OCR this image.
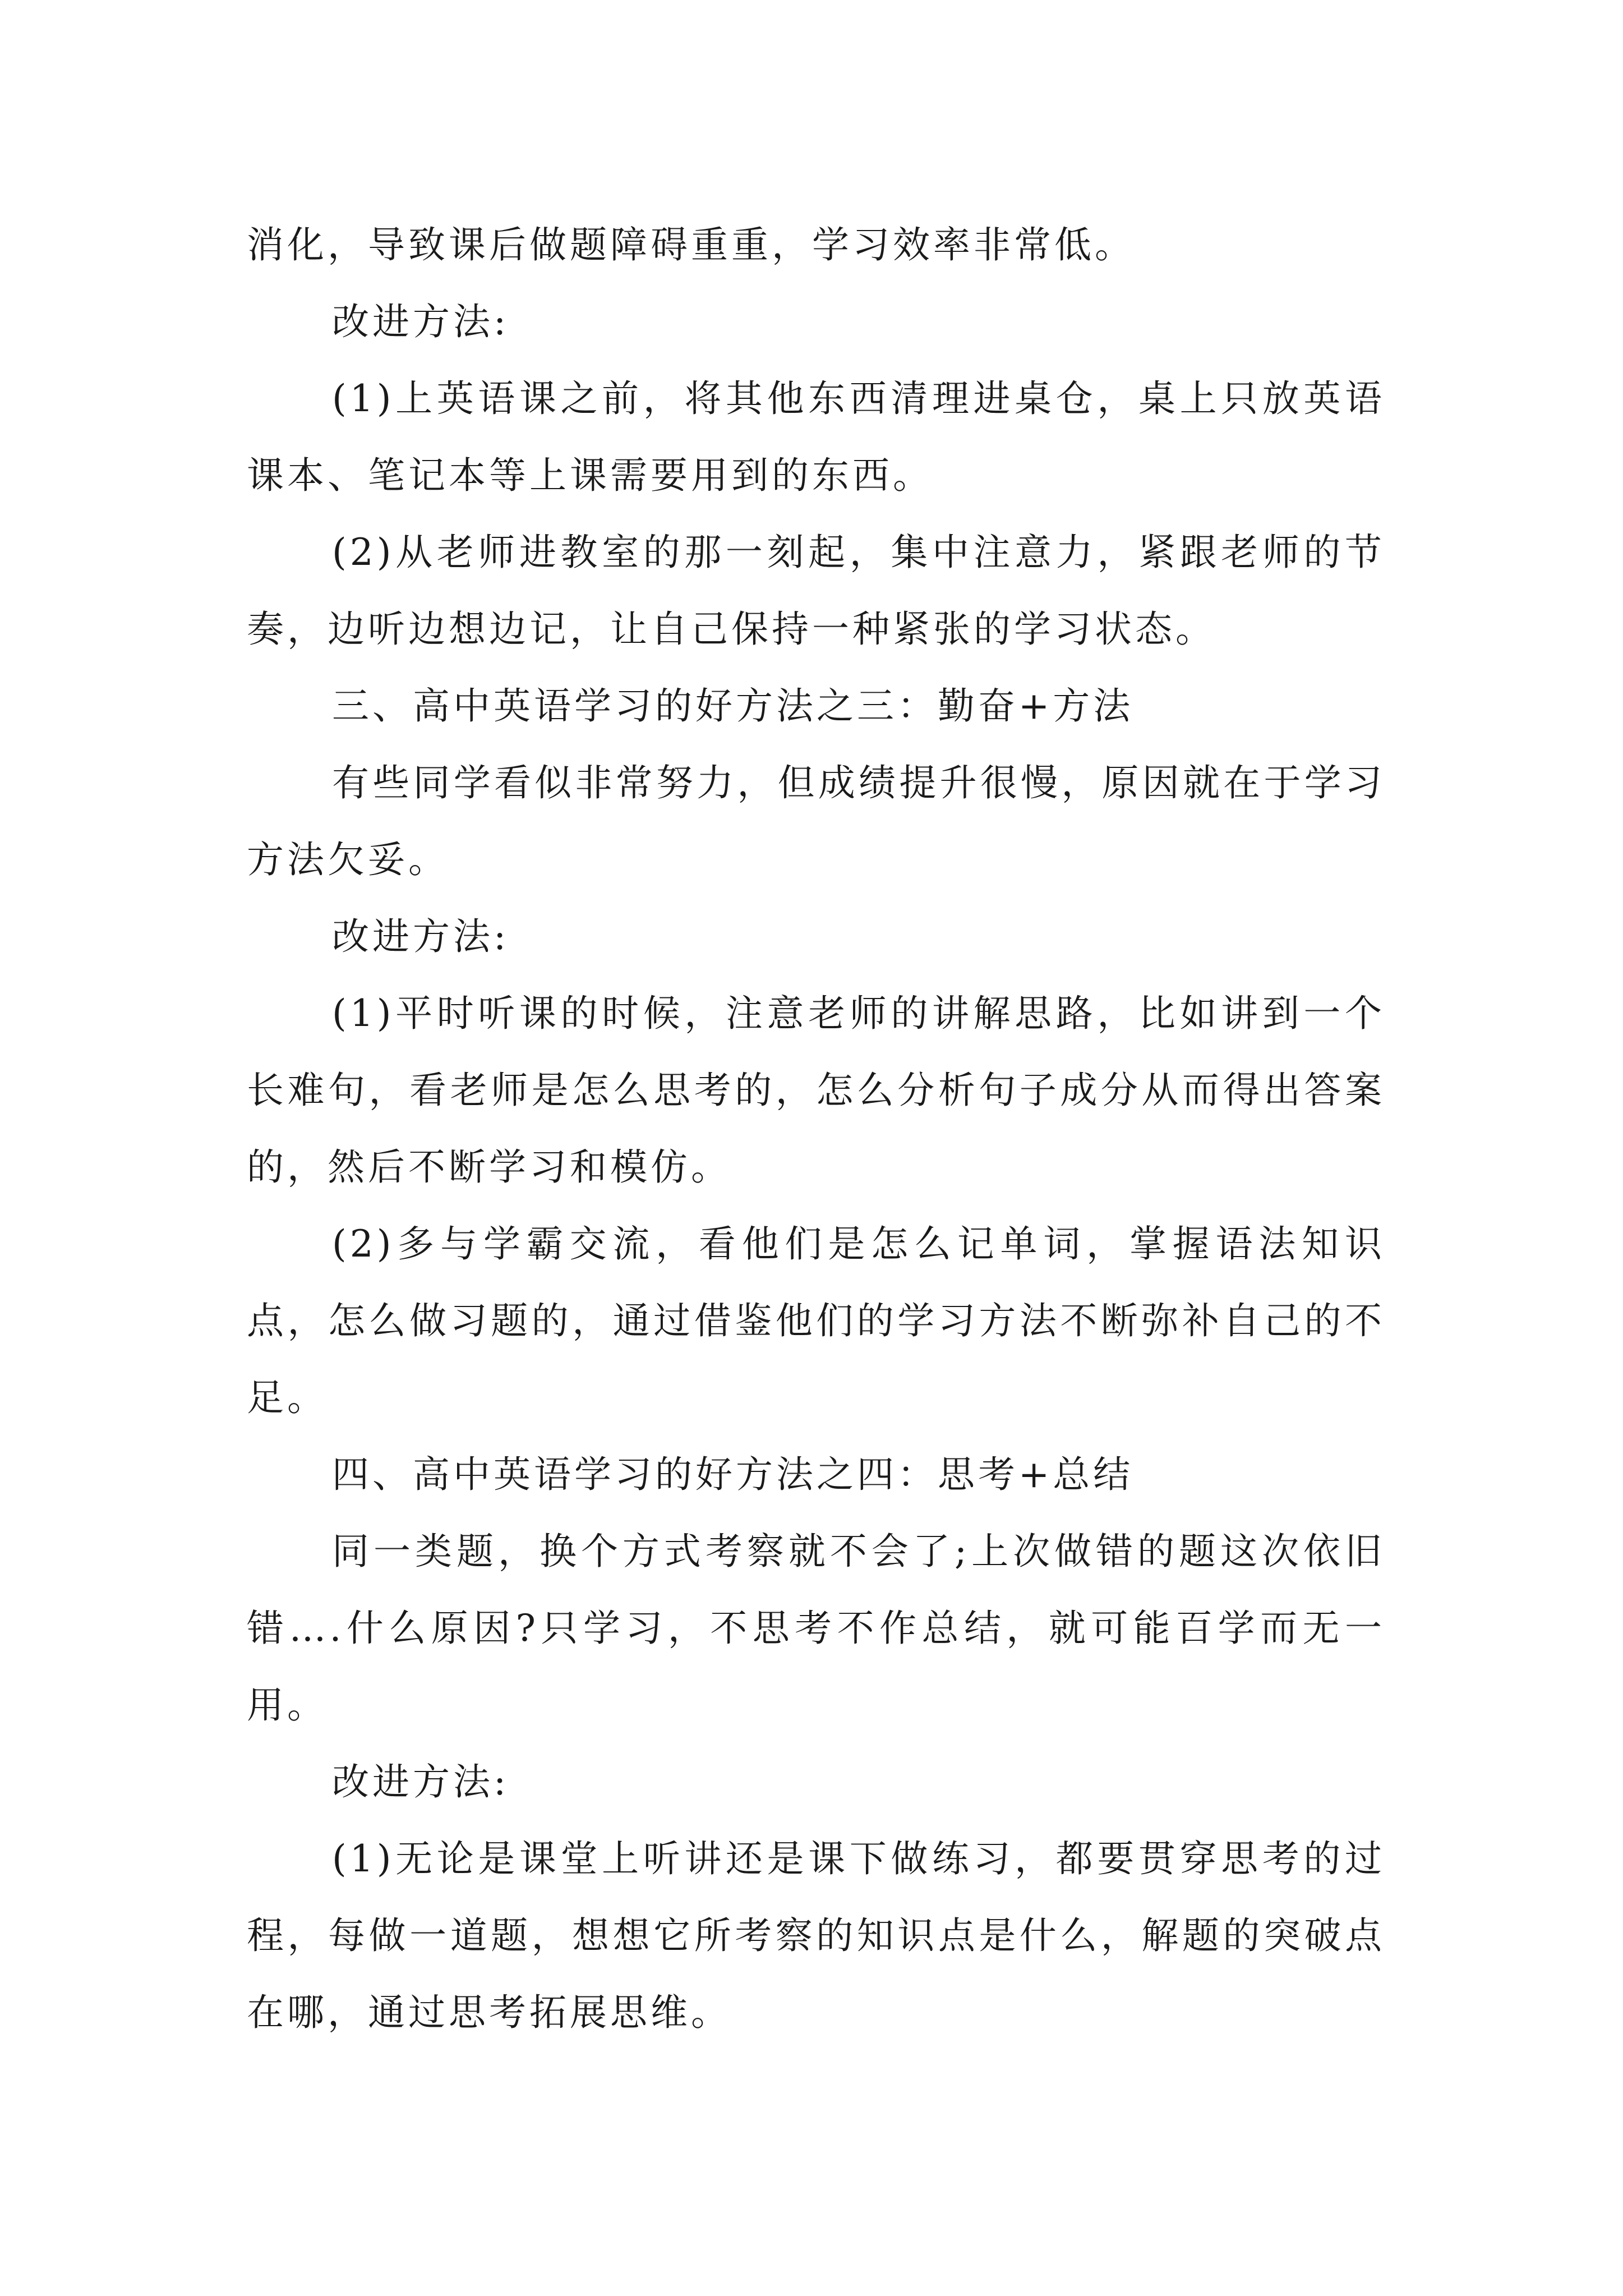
消化，导致课后做题障碍重重，学习效率非常低。

改进方法:

(1)上英语课之前，将其他东西清理进桌仓，桌上只放英语课本、笔记本等上课需要用到的东西。

(2)从老师进教室的那一刻起，集中注意力，紧跟老师的节奏，边听边想边记，让自己保持一种紧张的学习状态。

三、高中英语学习的好方法之三：勤奋+方法

有些同学看似非常努力，但成绩提升很慢，原因就在于学习方法欠妥。

改进方法:

(1)平时听课的时候，注意老师的讲解思路，比如讲到一个长难句，看老师是怎么思考的，怎么分析句子成分从而得出答案的，然后不断学习和模仿。

(2)多与学霸交流，看他们是怎么记单词，掌握语法知识点，怎么做习题的，通过借鉴他们的学习方法不断弥补自己的不足。

四、高中英语学习的好方法之四：思考+总结

同一类题，换个方式考察就不会了;上次做错的题这次依旧错….什么原因?只学习，不思考不作总结，就可能百学而无一用。

改进方法:

(1)无论是课堂上听讲还是课下做练习，都要贯穿思考的过程，每做一道题，想想它所考察的知识点是什么，解题的突破点在哪，通过思考拓展思维。
